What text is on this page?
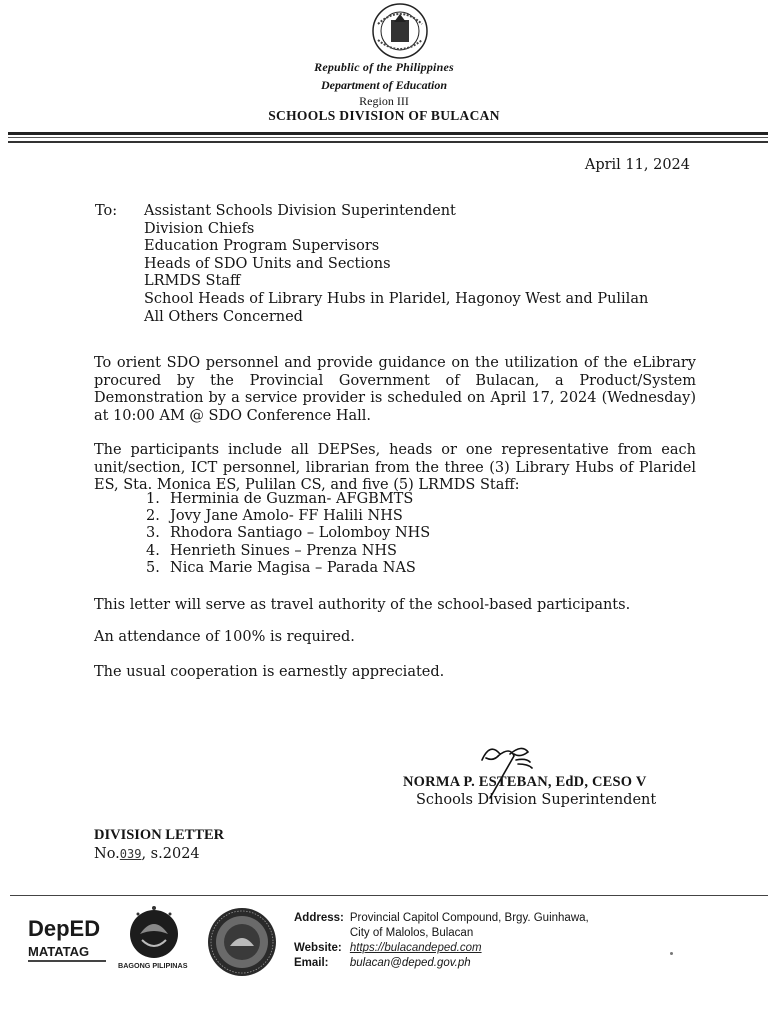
Republic of the Philippines
Department of Education
Region III
SCHOOLS DIVISION OF BULACAN
April 11, 2024
To: Assistant Schools Division Superintendent
Division Chiefs
Education Program Supervisors
Heads of SDO Units and Sections
LRMDS Staff
School Heads of Library Hubs in Plaridel, Hagonoy West and Pulilan
All Others Concerned

To orient SDO personnel and provide guidance on the utilization of the eLibrary procured by the Provincial Government of Bulacan, a Product/System Demonstration by a service provider is scheduled on April 17, 2024 (Wednesday) at 10:00 AM @ SDO Conference Hall.

The participants include all DEPSes, heads or one representative from each unit/section, ICT personnel, librarian from the three (3) Library Hubs of Plaridel ES, Sta. Monica ES, Pulilan CS, and five (5) LRMDS Staff:

1. Herminia de Guzman- AFGBMTS
2. Jovy Jane Amolo- FF Halili NHS
3. Rhodora Santiago – Lolomboy NHS
4. Henrieth Sinues – Prenza NHS
5. Nica Marie Magisa – Parada NAS

This letter will serve as travel authority of the school-based participants.

An attendance of 100% is required.

The usual cooperation is earnestly appreciated.

NORMA P. ESTEBAN, EdD, CESO V
Schools Division Superintendent
DIVISION LETTER
No.039, s.2024
DepED
MATATAG
BAGONG PILIPINAS
Address:	Provincial Capitol Compound, Brgy. Guinhawa,
	City of Malolos, Bulacan
Website:	https://bulacandeped.com
Email:	bulacan@deped.gov.ph
